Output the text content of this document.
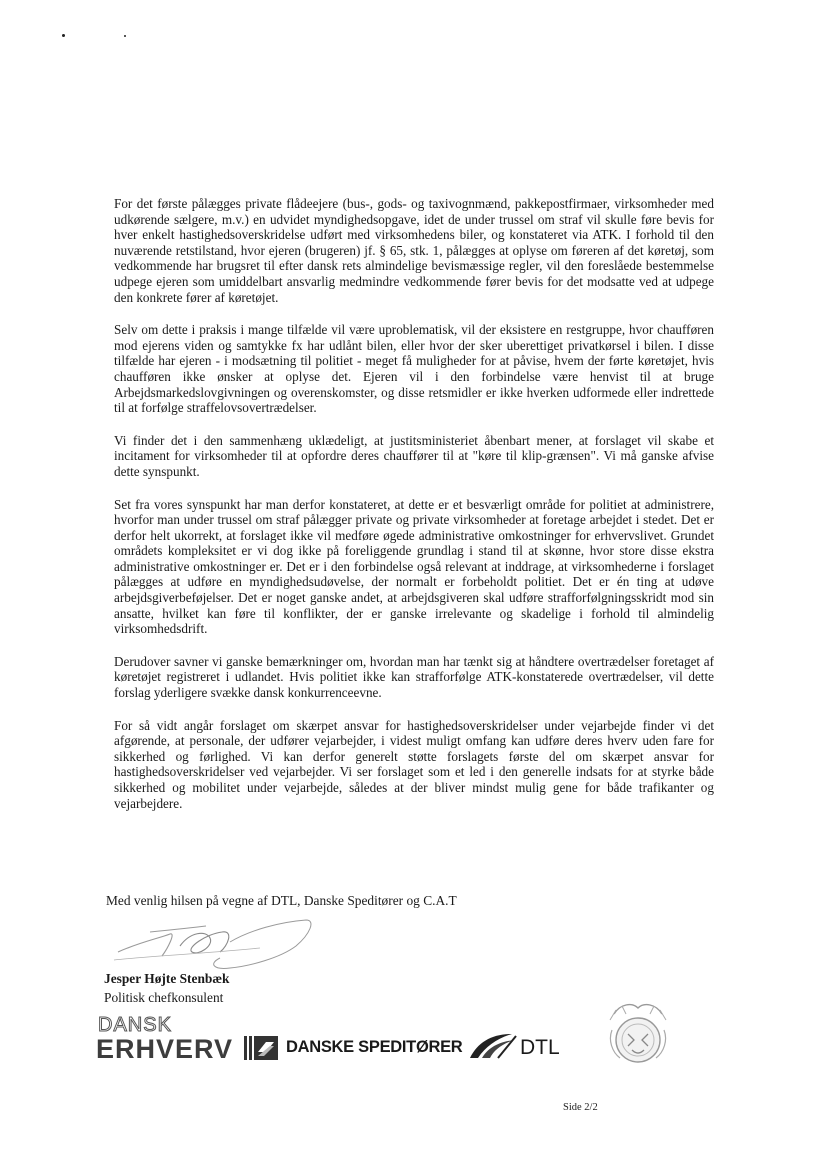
For det første pålægges private flådeejere (bus-, gods- og taxivognmænd, pakkepostfirmaer, virksomheder med udkørende sælgere, m.v.) en udvidet myndighedsopgave, idet de under trussel om straf vil skulle føre bevis for hver enkelt hastighedsoverskridelse udført med virksomhedens biler, og konstateret via ATK. I forhold til den nuværende retstilstand, hvor ejeren (brugeren) jf. § 65, stk. 1, pålægges at oplyse om føreren af det køretøj, som vedkommende har brugsret til efter dansk rets almindelige bevismæssige regler, vil den foreslåede bestemmelse udpege ejeren som umiddelbart ansvarlig medmindre vedkommende fører bevis for det modsatte ved at udpege den konkrete fører af køretøjet.

Selv om dette i praksis i mange tilfælde vil være uproblematisk, vil der eksistere en restgruppe, hvor chaufføren mod ejerens viden og samtykke fx har udlånt bilen, eller hvor der sker uberettiget privatkørsel i bilen. I disse tilfælde har ejeren - i modsætning til politiet - meget få muligheder for at påvise, hvem der førte køretøjet, hvis chaufføren ikke ønsker at oplyse det. Ejeren vil i den forbindelse være henvist til at bruge Arbejdsmarkedslovgivningen og overenskomster, og disse retsmidler er ikke hverken udformede eller indrettede til at forfølge straffelovsovertrædelser.

Vi finder det i den sammenhæng uklædeligt, at justitsministeriet åbenbart mener, at forslaget vil skabe et incitament for virksomheder til at opfordre deres chauffører til at "køre til klip-grænsen". Vi må ganske afvise dette synspunkt.

Set fra vores synspunkt har man derfor konstateret, at dette er et besværligt område for politiet at administrere, hvorfor man under trussel om straf pålægger private og private virksomheder at foretage arbejdet i stedet. Det er derfor helt ukorrekt, at forslaget ikke vil medføre øgede administrative omkostninger for erhvervslivet. Grundet områdets kompleksitet er vi dog ikke på foreliggende grundlag i stand til at skønne, hvor store disse ekstra administrative omkostninger er. Det er i den forbindelse også relevant at inddrage, at virksomhederne i forslaget pålægges at udføre en myndighedsudøvelse, der normalt er forbeholdt politiet. Det er én ting at udøve arbejdsgiverbeføjelser. Det er noget ganske andet, at arbejdsgiveren skal udføre strafforfølgningsskridt mod sin ansatte, hvilket kan føre til konflikter, der er ganske irrelevante og skadelige i forhold til almindelig virksomhedsdrift.

Derudover savner vi ganske bemærkninger om, hvordan man har tænkt sig at håndtere overtrædelser foretaget af køretøjet registreret i udlandet. Hvis politiet ikke kan strafforfølge ATK-konstaterede overtrædelser, vil dette forslag yderligere svække dansk konkurrenceevne.

For så vidt angår forslaget om skærpet ansvar for hastighedsoverskridelser under vejarbejde finder vi det afgørende, at personale, der udfører vejarbejder, i videst muligt omfang kan udføre deres hverv uden fare for sikkerhed og førlighed. Vi kan derfor generelt støtte forslagets første del om skærpet ansvar for hastighedsoverskridelser ved vejarbejder. Vi ser forslaget som et led i den generelle indsats for at styrke både sikkerhed og mobilitet under vejarbejde, således at der bliver mindst mulig gene for både trafikanter og vejarbejdere.

Med venlig hilsen på vegne af DTL, Danske Speditører og C.A.T
Jesper Højte Stenbæk
Politisk chefkonsulent
DANSK
ERHVERV	DANSKE SPEDITØRER	DTL
Side 2/2
